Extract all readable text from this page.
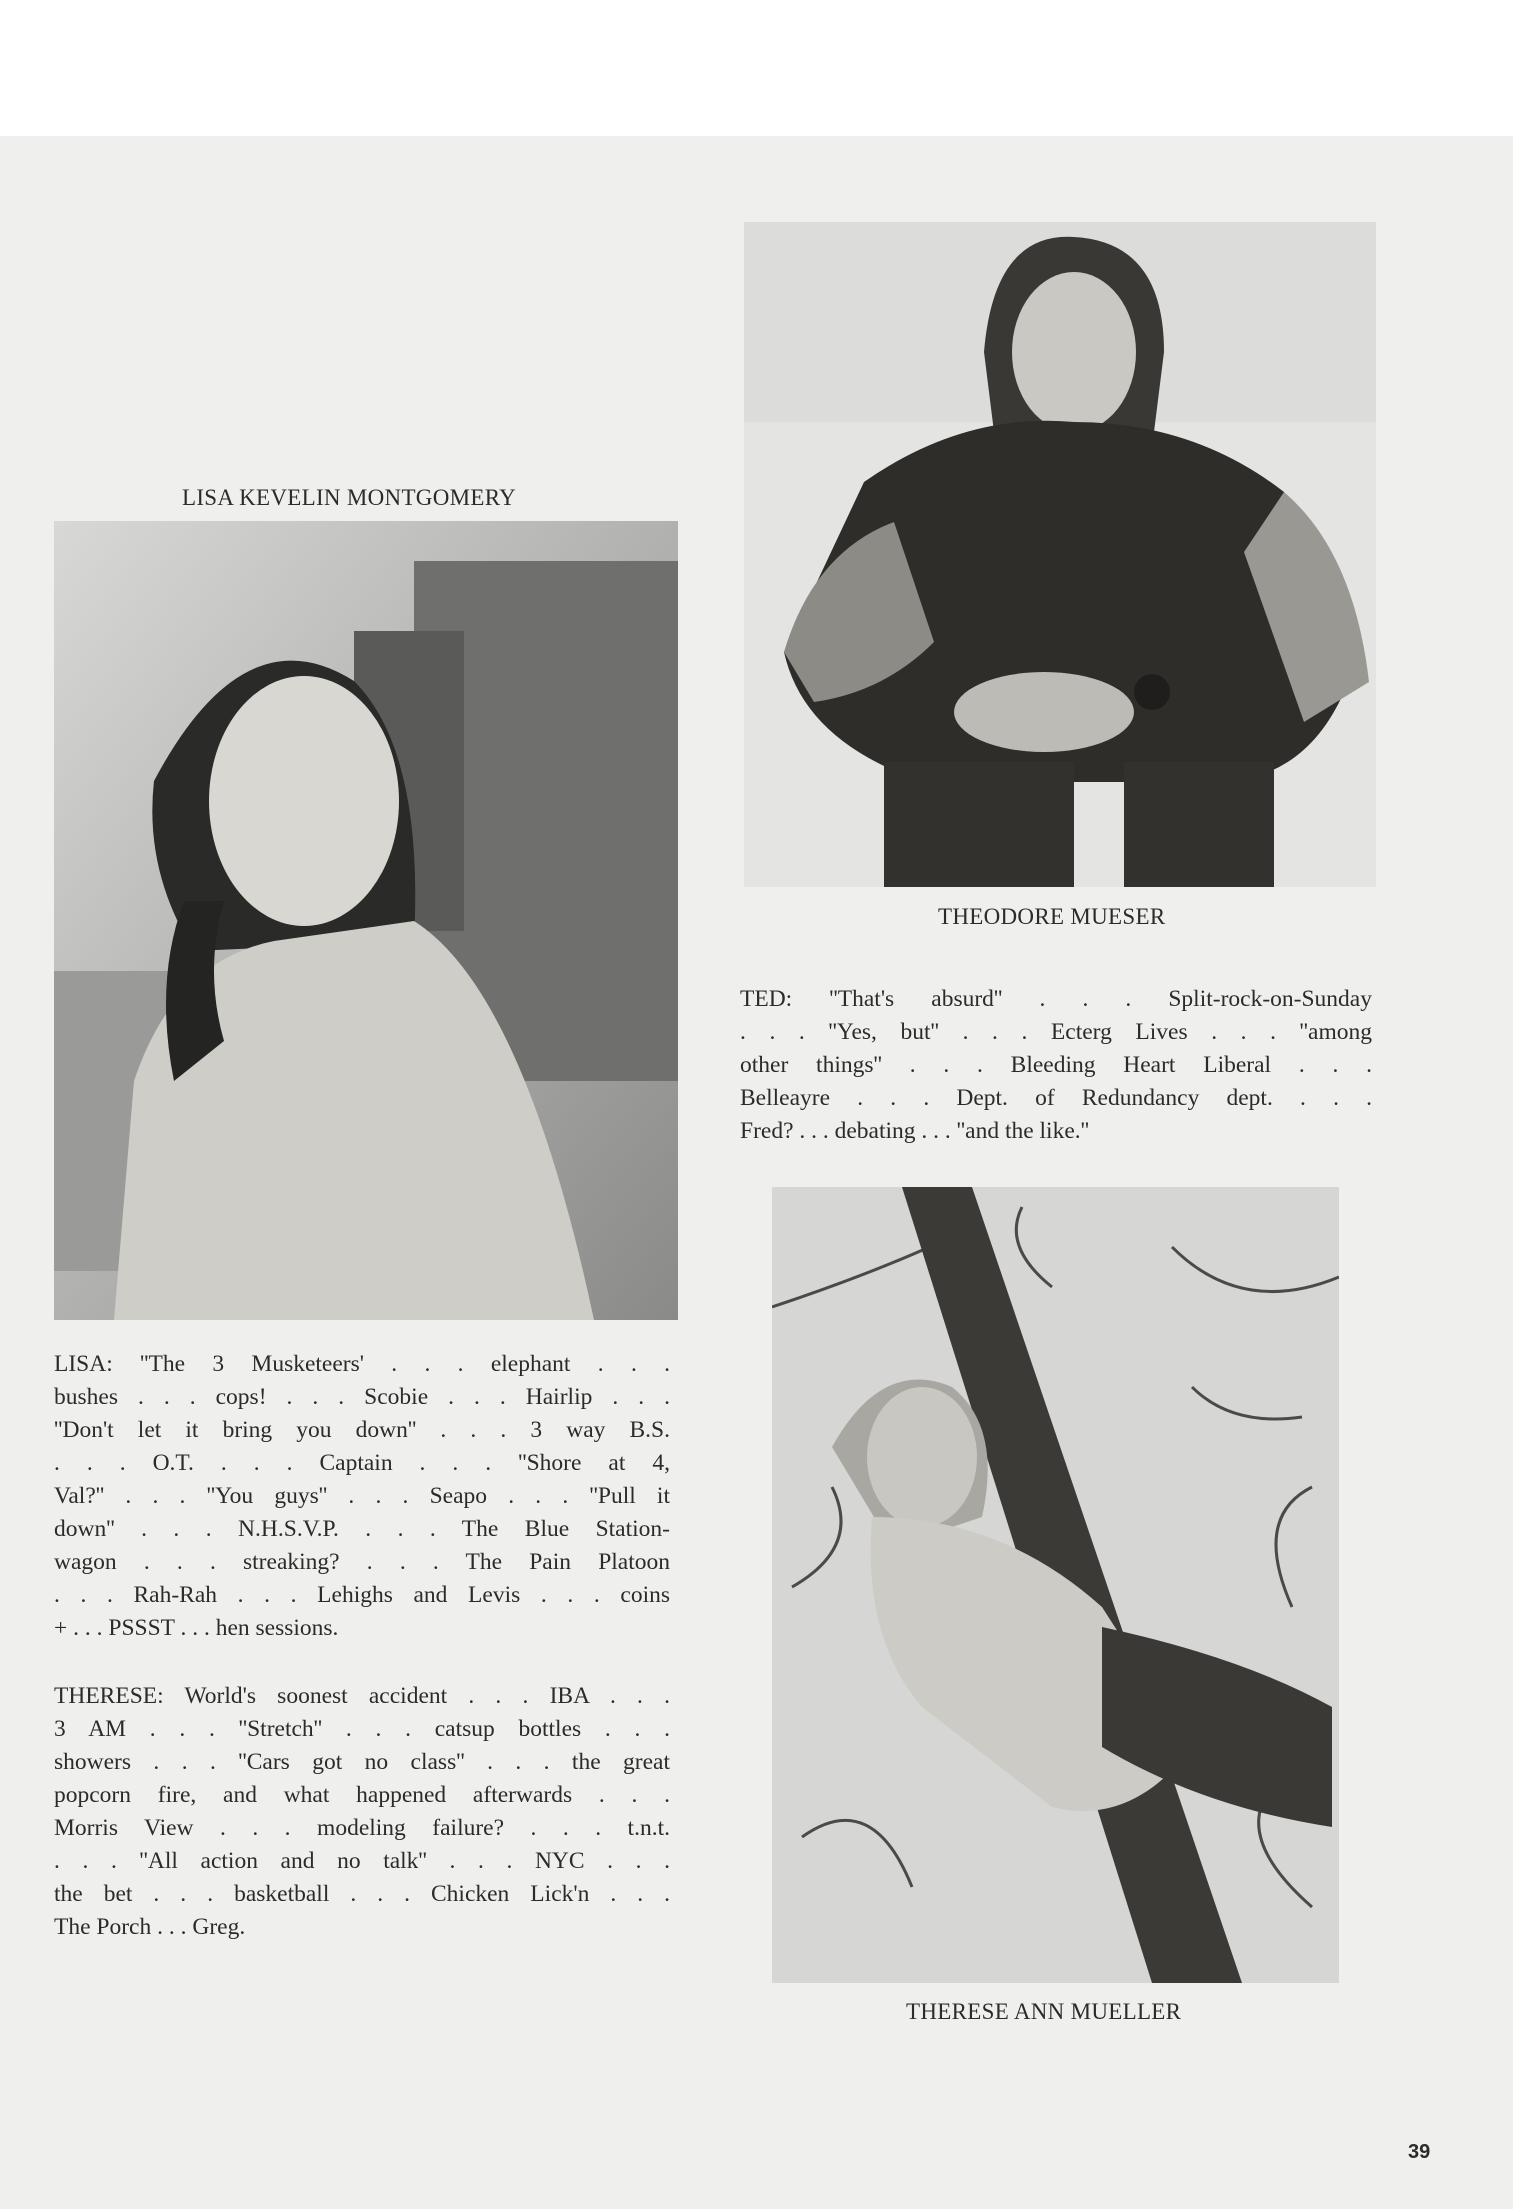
LISA KEVELIN MONTGOMERY
LISA: ''The 3 Musketeers' . . . elephant . . .
bushes . . . cops! . . . Scobie . . . Hairlip . . .
''Don't let it bring you down'' . . . 3 way B.S.
. . . O.T. . . . Captain . . . ''Shore at 4,
Val?'' . . . ''You guys'' . . . Seapo . . . ''Pull it
down'' . . . N.H.S.V.P. . . . The Blue Station-
wagon . . . streaking? . . . The Pain Platoon
. . . Rah-Rah . . . Lehighs and Levis . . . coins
+ . . . PSSST . . . hen sessions.
THERESE: World's soonest accident . . . IBA . . .
3 AM . . . ''Stretch'' . . . catsup bottles . . .
showers . . . ''Cars got no class'' . . . the great
popcorn fire, and what happened afterwards . . .
Morris View . . . modeling failure? . . . t.n.t.
. . . ''All action and no talk'' . . . NYC . . .
the bet . . . basketball . . . Chicken Lick'n . . .
The Porch . . . Greg.
THEODORE MUESER
TED: ''That's absurd'' . . . Split-rock-on-Sunday
. . . ''Yes, but'' . . . Ecterg Lives . . . ''among
other things'' . . . Bleeding Heart Liberal . . .
Belleayre . . . Dept. of Redundancy dept. . . .
Fred? . . . debating . . . ''and the like.''
THERESE ANN MUELLER
39
